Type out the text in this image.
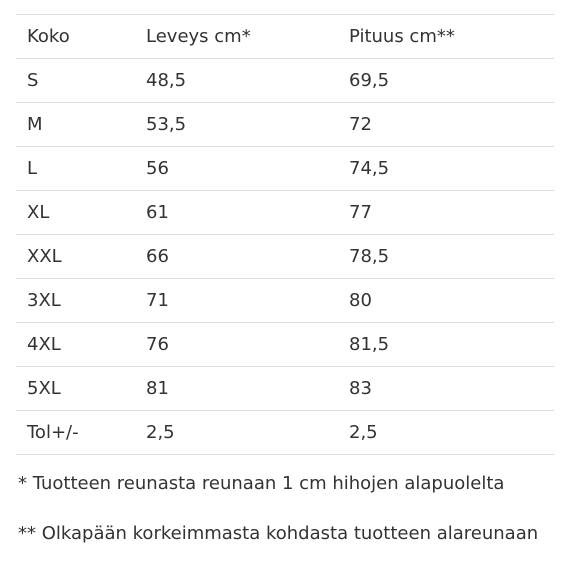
Koko	Leveys cm*	Pituus cm**
S	48,5	69,5
M	53,5	72
L	56	74,5
XL	61	77
XXL	66	78,5
3XL	71	80
4XL	76	81,5
5XL	81	83
Tol+/-	2,5	2,5

* Tuotteen reunasta reunaan 1 cm hihojen alapuolelta

** Olkapään korkeimmasta kohdasta tuotteen alareunaan
